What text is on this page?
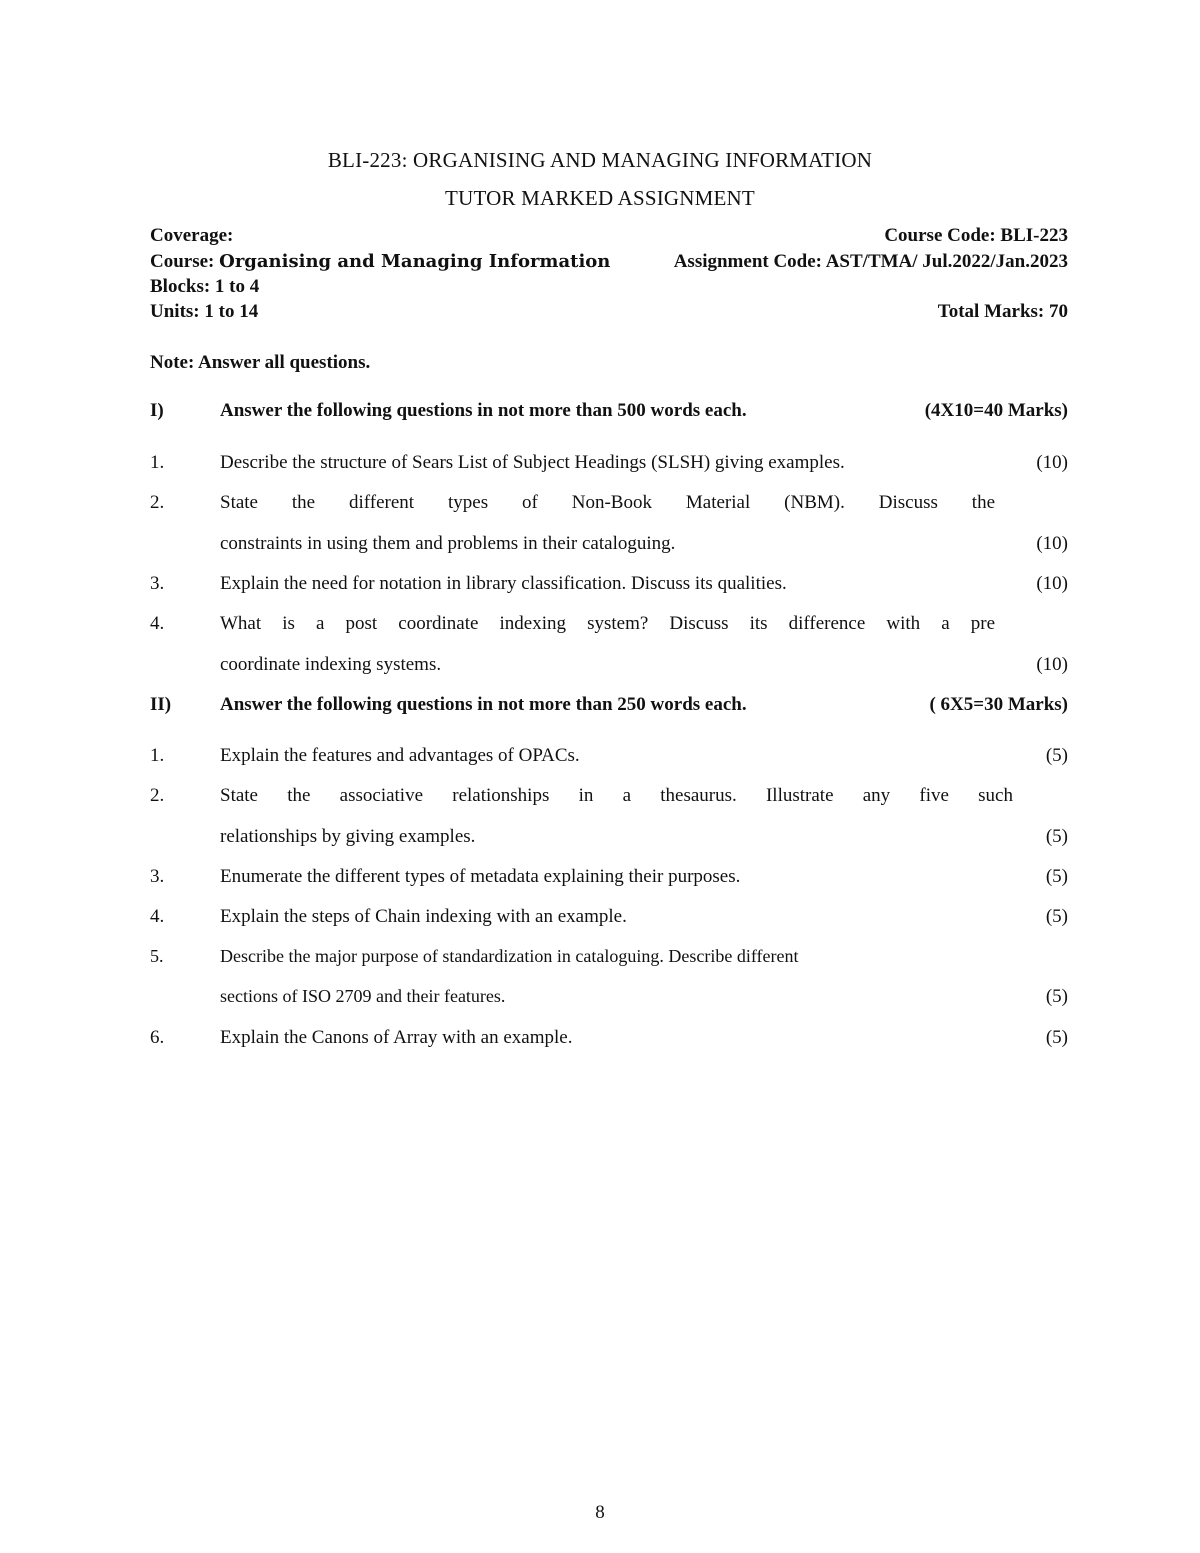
BLI-223: ORGANISING AND MANAGING INFORMATION
TUTOR MARKED ASSIGNMENT
Coverage:	Course Code: BLI-223
Course: Organising and Managing Information	Assignment Code: AST/TMA/ Jul.2022/Jan.2023
Blocks: 1 to 4
Units: 1 to 14	Total Marks: 70
Note: Answer all questions.
I)	Answer the following questions in not more than 500 words each.	(4X10=40 Marks)
1.	Describe the structure of Sears List of Subject Headings (SLSH) giving examples.	(10)
2.	State the different types of Non-Book Material (NBM). Discuss the
constraints in using them and problems in their cataloguing.	(10)
3.	Explain the need for notation in library classification. Discuss its qualities.	(10)
4.	What is a post coordinate indexing system? Discuss its difference with a pre
coordinate indexing systems.	(10)
II)	Answer the following questions in not more than 250 words each.	( 6X5=30 Marks)
1.	Explain the features and advantages of OPACs.	(5)
2.	State the associative relationships in a thesaurus. Illustrate any five such
relationships by giving examples.	(5)
3.	Enumerate the different types of metadata explaining their purposes.	(5)
4.	Explain the steps of Chain indexing with an example.	(5)
5.	Describe the major purpose of standardization in cataloguing. Describe different
sections of ISO 2709 and their features.	(5)
6.	Explain the Canons of Array with an example.	(5)
8
